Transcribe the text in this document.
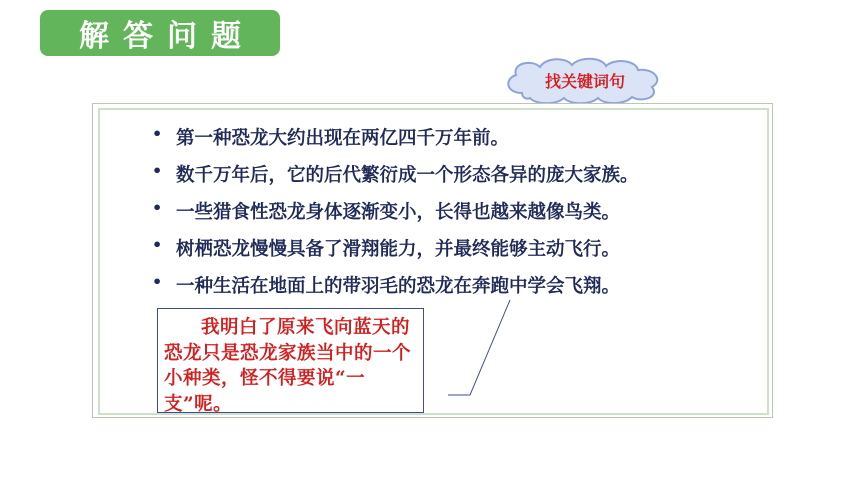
解答问题
找关键词句
• 第一种恐龙大约出现在两亿四千万年前。
• 数千万年后，它的后代繁衍成一个形态各异的庞大家族。
• 一些猎食性恐龙身体逐渐变小，长得也越来越像鸟类。
• 树栖恐龙慢慢具备了滑翔能力，并最终能够主动飞行。
• 一种生活在地面上的带羽毛的恐龙在奔跑中学会飞翔。
我明白了原来飞向蓝天的恐龙只是恐龙家族当中的一个小种类，怪不得要说“一支”呢。
